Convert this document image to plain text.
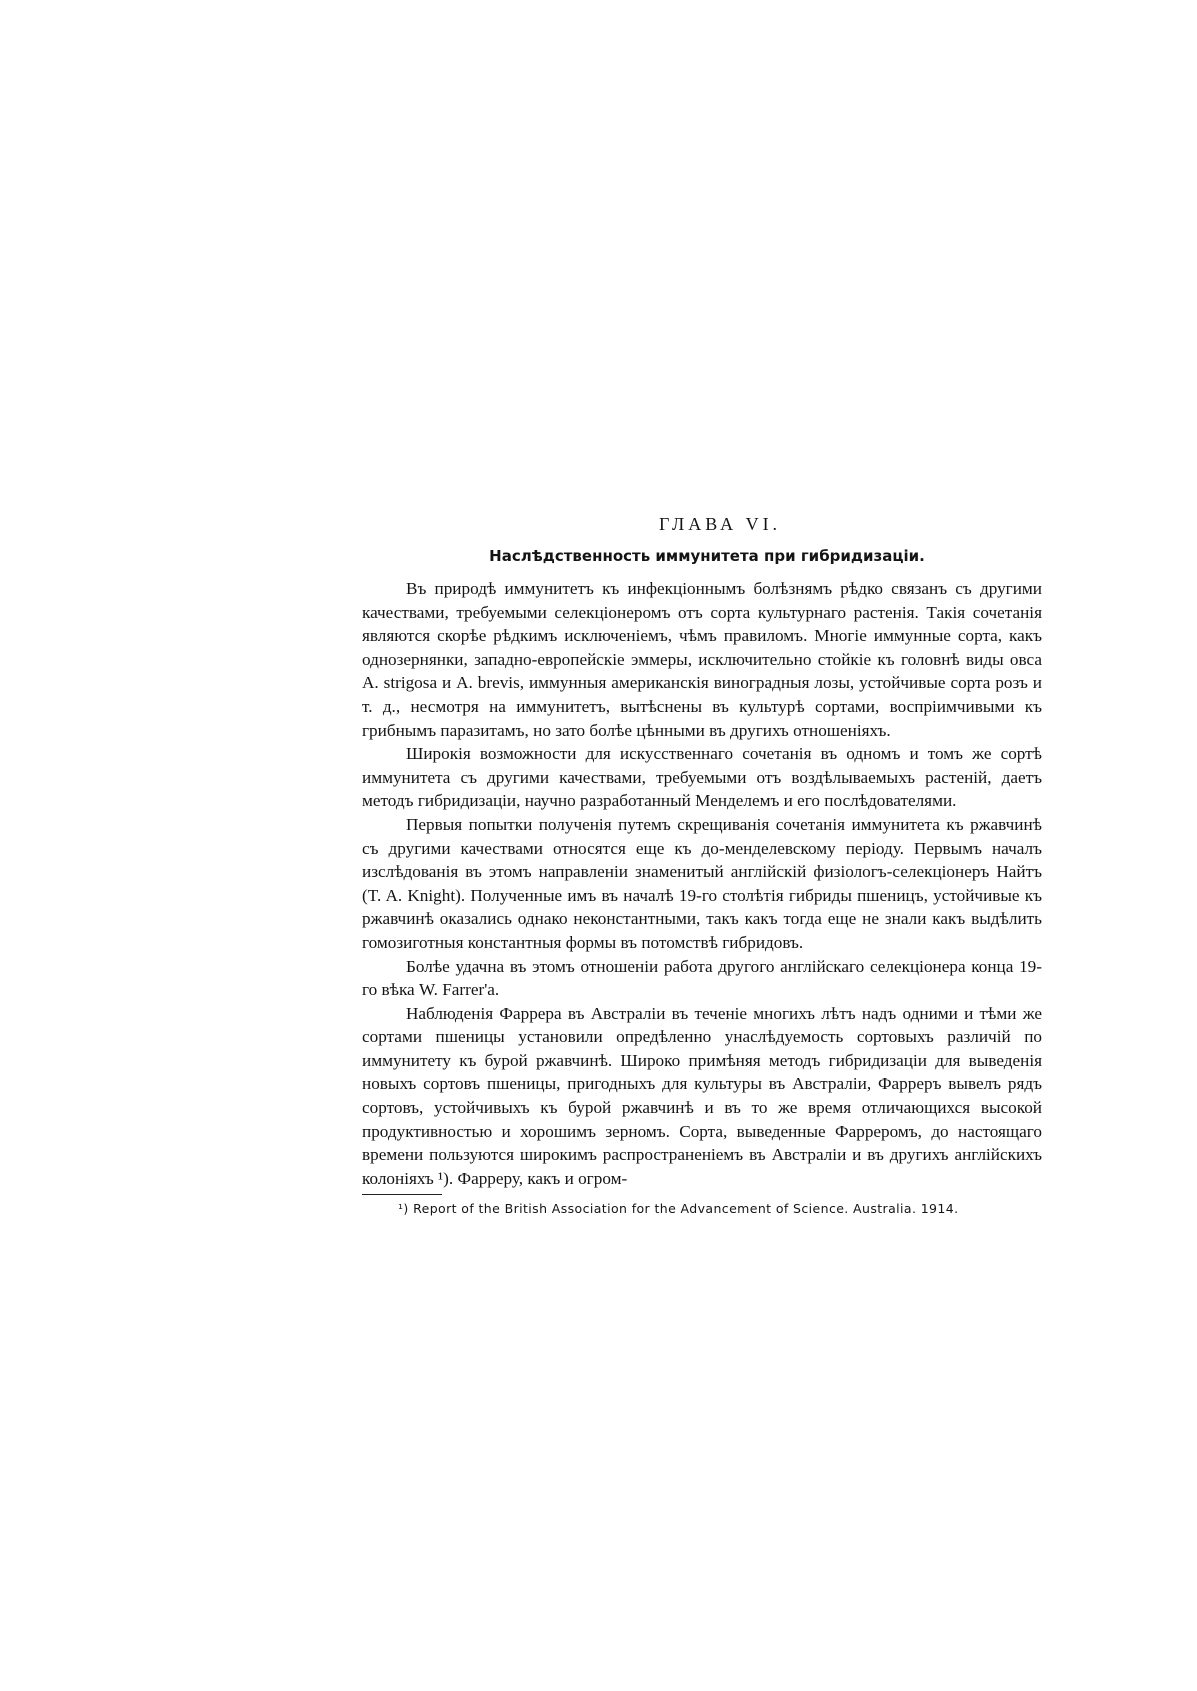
ГЛАВА VI.
Наслѣдственность иммунитета при гибридизаціи.

Въ природѣ иммунитетъ къ инфекціоннымъ болѣзнямъ рѣдко связанъ съ другими качествами, требуемыми селекціонеромъ отъ сорта культурнаго растенія. Такія сочетанія являются скорѣе рѣдкимъ исключеніемъ, чѣмъ правиломъ. Многіе иммунные сорта, какъ однозернянки, западно-европейскіе эммеры, исключительно стойкіе къ головнѣ виды овса A. strigosa и A. brevis, иммунныя американскія виноградныя лозы, устойчивые сорта розъ и т. д., несмотря на иммунитетъ, вытѣснены въ культурѣ сортами, воспріимчивыми къ грибнымъ паразитамъ, но зато болѣе цѣнными въ другихъ отношеніяхъ.

Широкія возможности для искусственнаго сочетанія въ одномъ и томъ же сортѣ иммунитета съ другими качествами, требуемыми отъ воздѣлываемыхъ растеній, даетъ методъ гибридизаціи, научно разработанный Менделемъ и его послѣдователями.

Первыя попытки полученія путемъ скрещиванія сочетанія иммунитета къ ржавчинѣ съ другими качествами относятся еще къ до-менделевскому періоду. Первымъ началъ изслѣдованія въ этомъ направленіи знаменитый англійскій физіологъ-селекціонеръ Найтъ (T. A. Knight). Полученные имъ въ началѣ 19-го столѣтія гибриды пшеницъ, устойчивые къ ржавчинѣ оказались однако неконстантными, такъ какъ тогда еще не знали какъ выдѣлить гомозиготныя константныя формы въ потомствѣ гибридовъ.

Болѣе удачна въ этомъ отношеніи работа другого англійскаго селекціонера конца 19-го вѣка W. Farrer'a.

Наблюденія Фаррера въ Австраліи въ теченіе многихъ лѣтъ надъ одними и тѣми же сортами пшеницы установили опредѣленно унаслѣдуемость сортовыхъ различій по иммунитету къ бурой ржавчинѣ. Широко примѣняя методъ гибридизаціи для выведенія новыхъ сортовъ пшеницы, пригодныхъ для культуры въ Австраліи, Фарреръ вывелъ рядъ сортовъ, устойчивыхъ къ бурой ржавчинѣ и въ то же время отличающихся высокой продуктивностью и хорошимъ зерномъ. Сорта, выведенные Фарреромъ, до настоящаго времени пользуются широкимъ распространеніемъ въ Австраліи и въ другихъ англійскихъ колоніяхъ ¹). Фарреру, какъ и огром-

¹) Report of the British Association for the Advancement of Science. Australia. 1914.
